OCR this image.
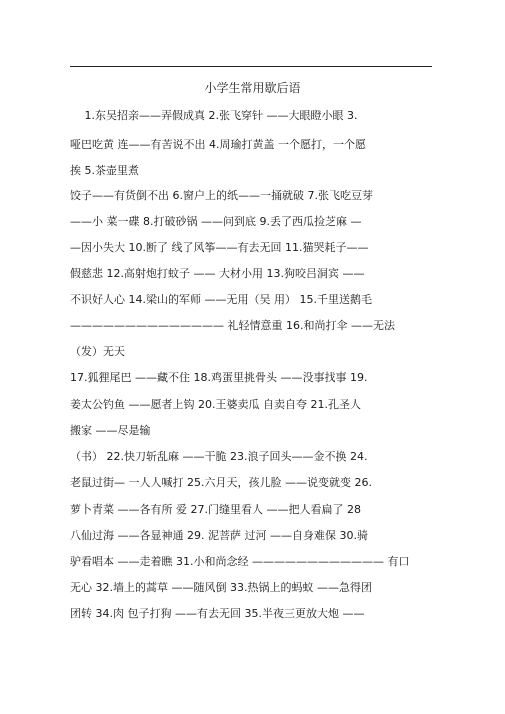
小学生常用歇后语
　 1.东吴招亲——弄假成真 2.张飞穿针 ——大眼瞪小眼 3.
哑巴吃黄 连——有苦说不出 4.周瑜打黄盖 一个愿打，一个愿
挨 5.茶壶里煮
饺子——有货倒不出 6.窗户上的纸——一捅就破 7.张飞吃豆芽
——小 菜一碟 8.打破砂锅 ——问到底 9.丢了西瓜捡芝麻 —
—因小失大 10.断了 线了风筝——有去无回 11.猫哭耗子——
假慈悲 12.高射炮打蚊子 —— 大材小用 13.狗咬吕洞宾 ——
不识好人心 14.梁山的军师 ——无用（吴 用） 15.千里送鹅毛
—————————————— 礼轻情意重 16.和尚打伞 ——无法
（发）无天
17.狐狸尾巴 ——藏不住 18.鸡蛋里挑骨头 ——没事找事 19.
姜太公钓鱼 ——愿者上钩 20.王婆卖瓜 自卖自夸 21.孔圣人
搬家 ——尽是输
（书） 22.快刀斩乱麻 ——干脆 23.浪子回头——金不换 24.
老鼠过街— 一人人喊打 25.六月天，孩儿脸 ——说变就变 26.
萝卜青菜 ——各有所 爱 27.门缝里看人 ——把人看扁了 28
八仙过海 ——各显神通 29. 泥菩萨 过河 ——自身难保 30.骑
驴看唱本 ——走着瞧 31.小和尚念经 ———————————— 有口
无心 32.墙上的蒿草 ——随风倒 33.热锅上的蚂蚁 ——急得团
团转 34.肉 包子打狗 ——有去无回 35.半夜三更放大炮 ——
